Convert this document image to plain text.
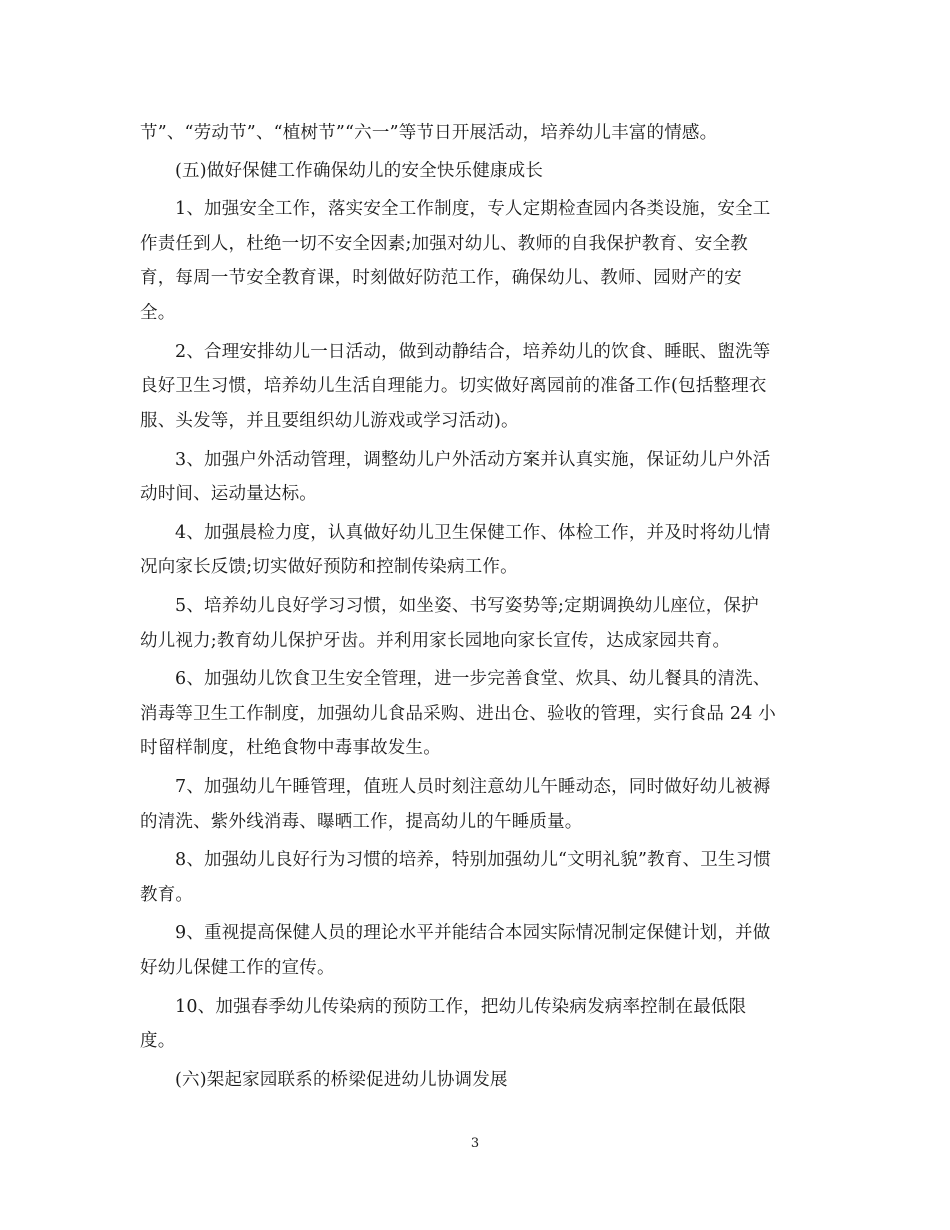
节”、“劳动节”、“植树节”“六一”等节日开展活动，培养幼儿丰富的情感。
(五)做好保健工作确保幼儿的安全快乐健康成长
1、加强安全工作，落实安全工作制度，专人定期检查园内各类设施，安全工
作责任到人，杜绝一切不安全因素;加强对幼儿、教师的自我保护教育、安全教
育，每周一节安全教育课，时刻做好防范工作，确保幼儿、教师、园财产的安
全。
2、合理安排幼儿一日活动，做到动静结合，培养幼儿的饮食、睡眠、盥洗等
良好卫生习惯，培养幼儿生活自理能力。切实做好离园前的准备工作(包括整理衣
服、头发等，并且要组织幼儿游戏或学习活动)。
3、加强户外活动管理，调整幼儿户外活动方案并认真实施，保证幼儿户外活
动时间、运动量达标。
4、加强晨检力度，认真做好幼儿卫生保健工作、体检工作，并及时将幼儿情
况向家长反馈;切实做好预防和控制传染病工作。
5、培养幼儿良好学习习惯，如坐姿、书写姿势等;定期调换幼儿座位，保护
幼儿视力;教育幼儿保护牙齿。并利用家长园地向家长宣传，达成家园共育。
6、加强幼儿饮食卫生安全管理，进一步完善食堂、炊具、幼儿餐具的清洗、
消毒等卫生工作制度，加强幼儿食品采购、进出仓、验收的管理，实行食品 24 小
时留样制度，杜绝食物中毒事故发生。
7、加强幼儿午睡管理，值班人员时刻注意幼儿午睡动态，同时做好幼儿被褥
的清洗、紫外线消毒、曝晒工作，提高幼儿的午睡质量。
8、加强幼儿良好行为习惯的培养，特别加强幼儿“文明礼貌”教育、卫生习惯
教育。
9、重视提高保健人员的理论水平并能结合本园实际情况制定保健计划，并做
好幼儿保健工作的宣传。
10、加强春季幼儿传染病的预防工作，把幼儿传染病发病率控制在最低限
度。
(六)架起家园联系的桥梁促进幼儿协调发展
3
